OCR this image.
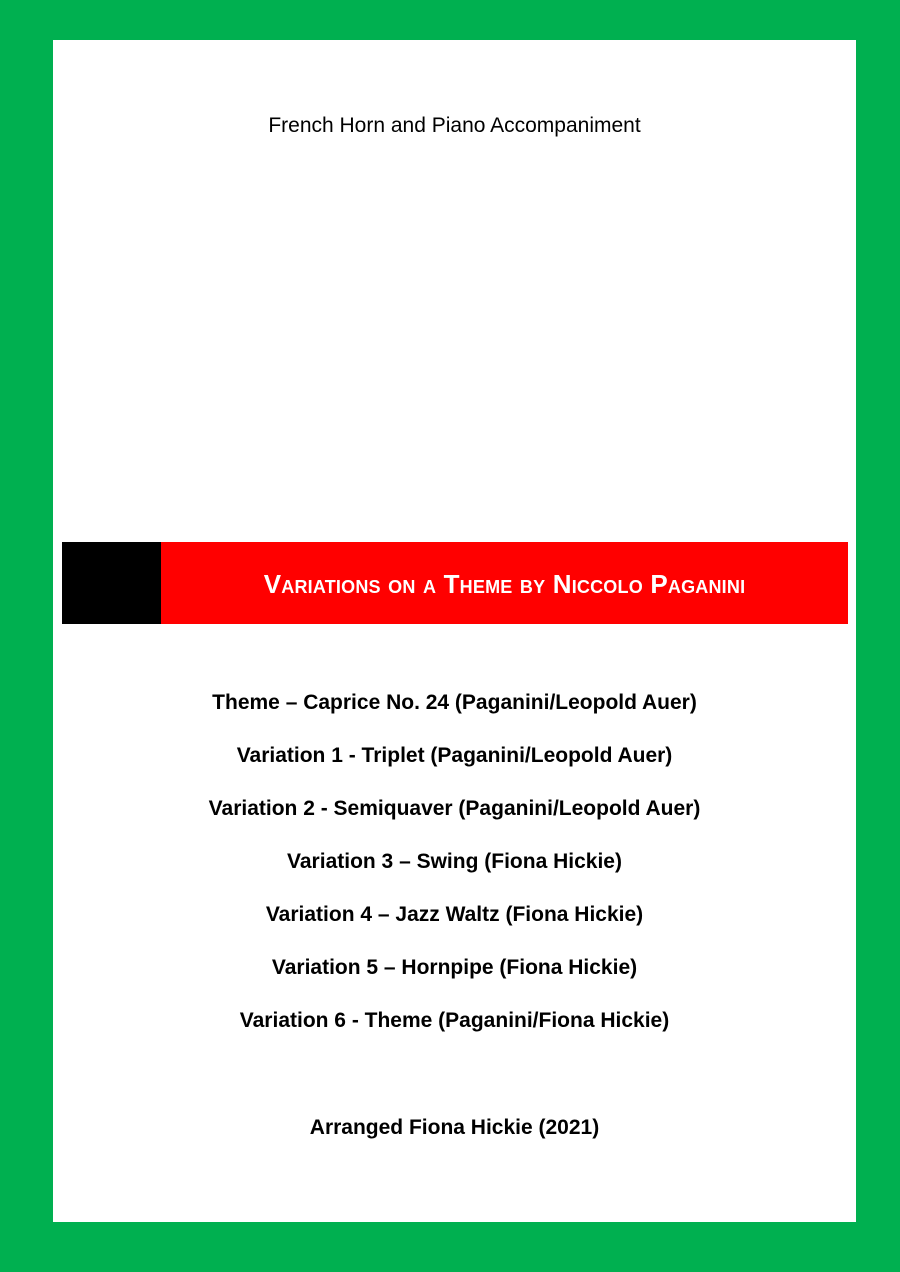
French Horn and Piano Accompaniment
Variations on a Theme by Niccolo Paganini
Theme – Caprice No. 24 (Paganini/Leopold Auer)
Variation 1 - Triplet (Paganini/Leopold Auer)
Variation 2 - Semiquaver (Paganini/Leopold Auer)
Variation 3 – Swing (Fiona Hickie)
Variation 4 – Jazz Waltz (Fiona Hickie)
Variation 5 – Hornpipe (Fiona Hickie)
Variation 6 - Theme (Paganini/Fiona Hickie)
Arranged Fiona Hickie (2021)
